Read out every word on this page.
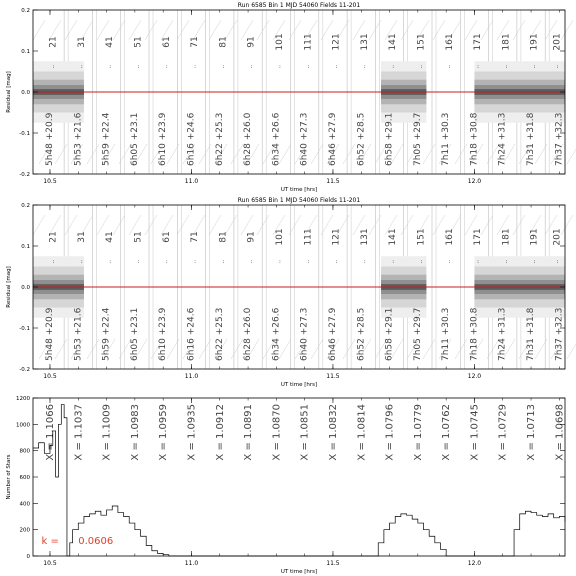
21
:
31
:
41
:
51
:
61
:
71
:
81
:
91
:
101
:
111
:
121
:
131
:
141
:
151
:
161
:
171
:
181
:
191
:
201
:
5h48 +20.9 5h53 +21.6 5h59 +22.4 6h05 +23.1 6h10 +23.9 6h16 +24.6 6h22 +25.3 6h28 +26.0 6h34 +26.6 6h40 +27.3 6h46 +27.9 6h52 +28.5 6h58 +29.1 7h05 +29.7 7h11 +30.3 7h18 +30.8 7h24 +31.3 7h31 +31.8 7h37 +32.3
10.5	11.0	11.5	12.0
-0.2
-0.1
0.0
0.1
0.2
UT time [hrs]
Residual [mag]
Run 6585 Bin 1 MJD 54060 Fields 11-201
21
:
31
:
41
:
51
:
61
:
71
:
81
:
91
:
101
:
111
:
121
:
131
:
141
:
151
:
161
:
171
:
181
:
191
:
201
:
5h48 +20.9 5h53 +21.6 5h59 +22.4 6h05 +23.1 6h10 +23.9 6h16 +24.6 6h22 +25.3 6h28 +26.0 6h34 +26.6 6h40 +27.3 6h46 +27.9 6h52 +28.5 6h58 +29.1 7h05 +29.7 7h11 +30.3 7h18 +30.8 7h24 +31.3 7h31 +31.8 7h37 +32.3
10.5	11.0	11.5	12.0
-0.2
-0.1
0.0
0.1
0.2
UT time [hrs]
Residual [mag]
Run 6585 Bin 1 MJD 54060 Fields 11-201
X = 1.1066 X = 1.1037 X = 1.1009 X = 1.0983 X = 1.0959 X = 1.0935 X = 1.0912 X = 1.0891 X = 1.0870 X = 1.0851 X = 1.0832 X = 1.0814 X = 1.0796 X = 1.0779 X = 1.0762 X = 1.0745 X = 1.0729 X = 1.0713 X = 1.0698
k = 0.0606
10.5	11.0	11.5	12.0
0
200
400
600
800
1000
1200
UT time [hrs]
Number of Stars
